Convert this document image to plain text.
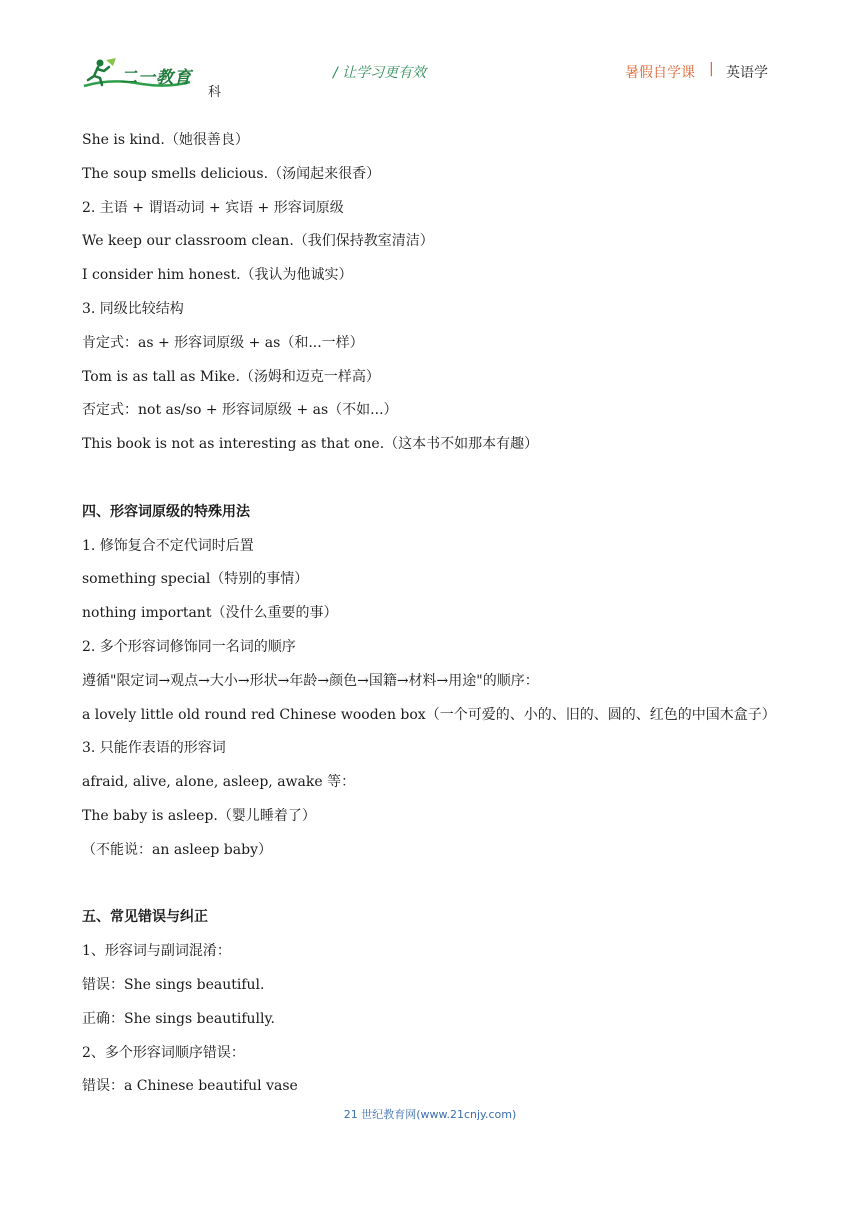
二一教育
科
/ 让学习更有效	暑假自学课 | 英语学
She is kind.（她很善良）
The soup smells delicious.（汤闻起来很香）
2. 主语 + 谓语动词 + 宾语 + 形容词原级
We keep our classroom clean.（我们保持教室清洁）
I consider him honest.（我认为他诚实）
3. 同级比较结构
肯定式：as + 形容词原级 + as（和...一样）
Tom is as tall as Mike.（汤姆和迈克一样高）
否定式：not as/so + 形容词原级 + as（不如...）
This book is not as interesting as that one.（这本书不如那本有趣）
四、形容词原级的特殊用法
1. 修饰复合不定代词时后置
something special（特别的事情）
nothing important（没什么重要的事）
2. 多个形容词修饰同一名词的顺序
遵循"限定词→观点→大小→形状→年龄→颜色→国籍→材料→用途"的顺序：
a lovely little old round red Chinese wooden box（一个可爱的、小的、旧的、圆的、红色的中国木盒子）
3. 只能作表语的形容词
afraid, alive, alone, asleep, awake 等：
The baby is asleep.（婴儿睡着了）
（不能说：an asleep baby）
五、常见错误与纠正
1、形容词与副词混淆：
错误：She sings beautiful.
正确：She sings beautifully.
2、多个形容词顺序错误：
错误：a Chinese beautiful vase
21 世纪教育网(www.21cnjy.com)
